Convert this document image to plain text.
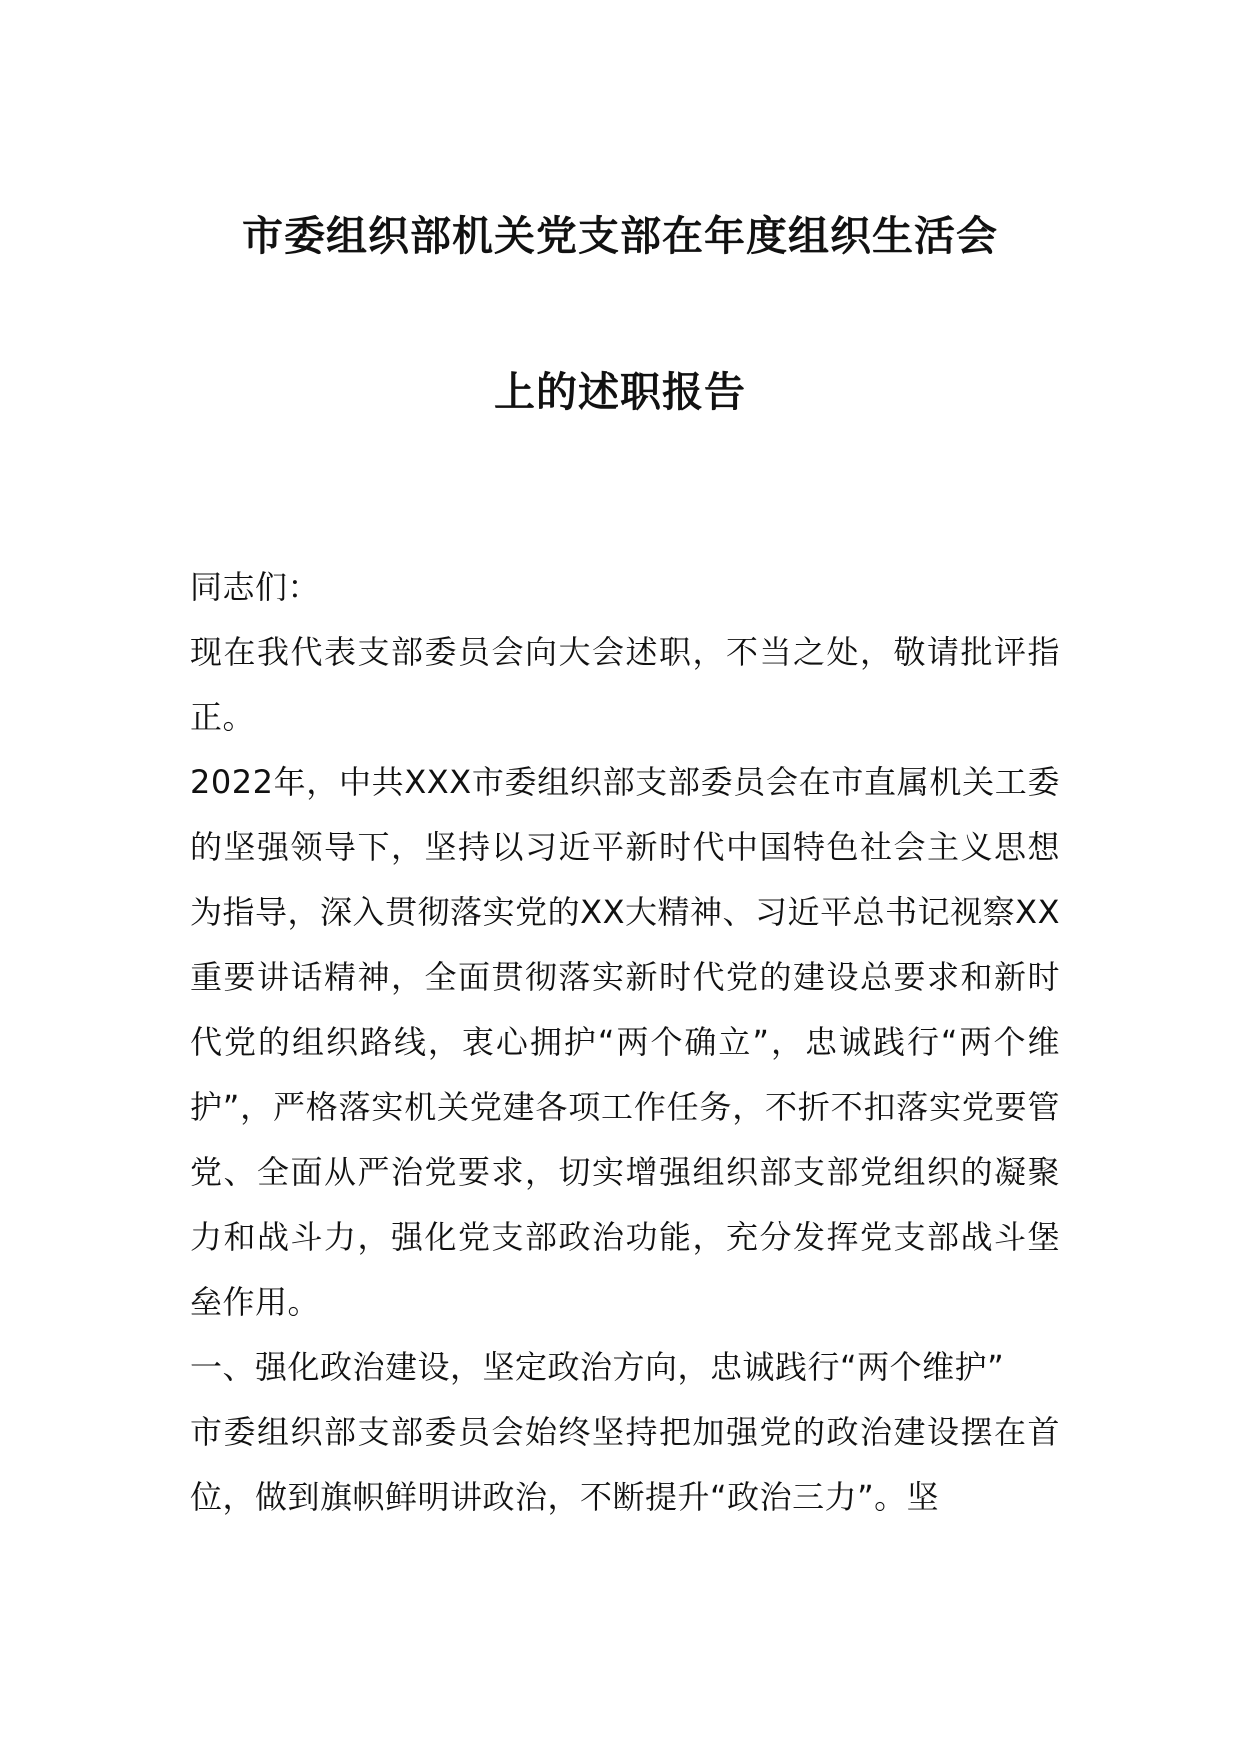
市委组织部机关党支部在年度组织生活会
上的述职报告

同志们：

现在我代表支部委员会向大会述职，不当之处，敬请批评指正。

2022年，中共XXX市委组织部支部委员会在市直属机关工委的坚强领导下，坚持以习近平新时代中国特色社会主义思想为指导，深入贯彻落实党的XX大精神、习近平总书记视察XX重要讲话精神，全面贯彻落实新时代党的建设总要求和新时代党的组织路线，衷心拥护“两个确立”，忠诚践行“两个维护”，严格落实机关党建各项工作任务，不折不扣落实党要管党、全面从严治党要求，切实增强组织部支部党组织的凝聚力和战斗力，强化党支部政治功能，充分发挥党支部战斗堡垒作用。

一、强化政治建设，坚定政治方向，忠诚践行“两个维护”

市委组织部支部委员会始终坚持把加强党的政治建设摆在首位，做到旗帜鲜明讲政治，不断提升“政治三力”。坚
